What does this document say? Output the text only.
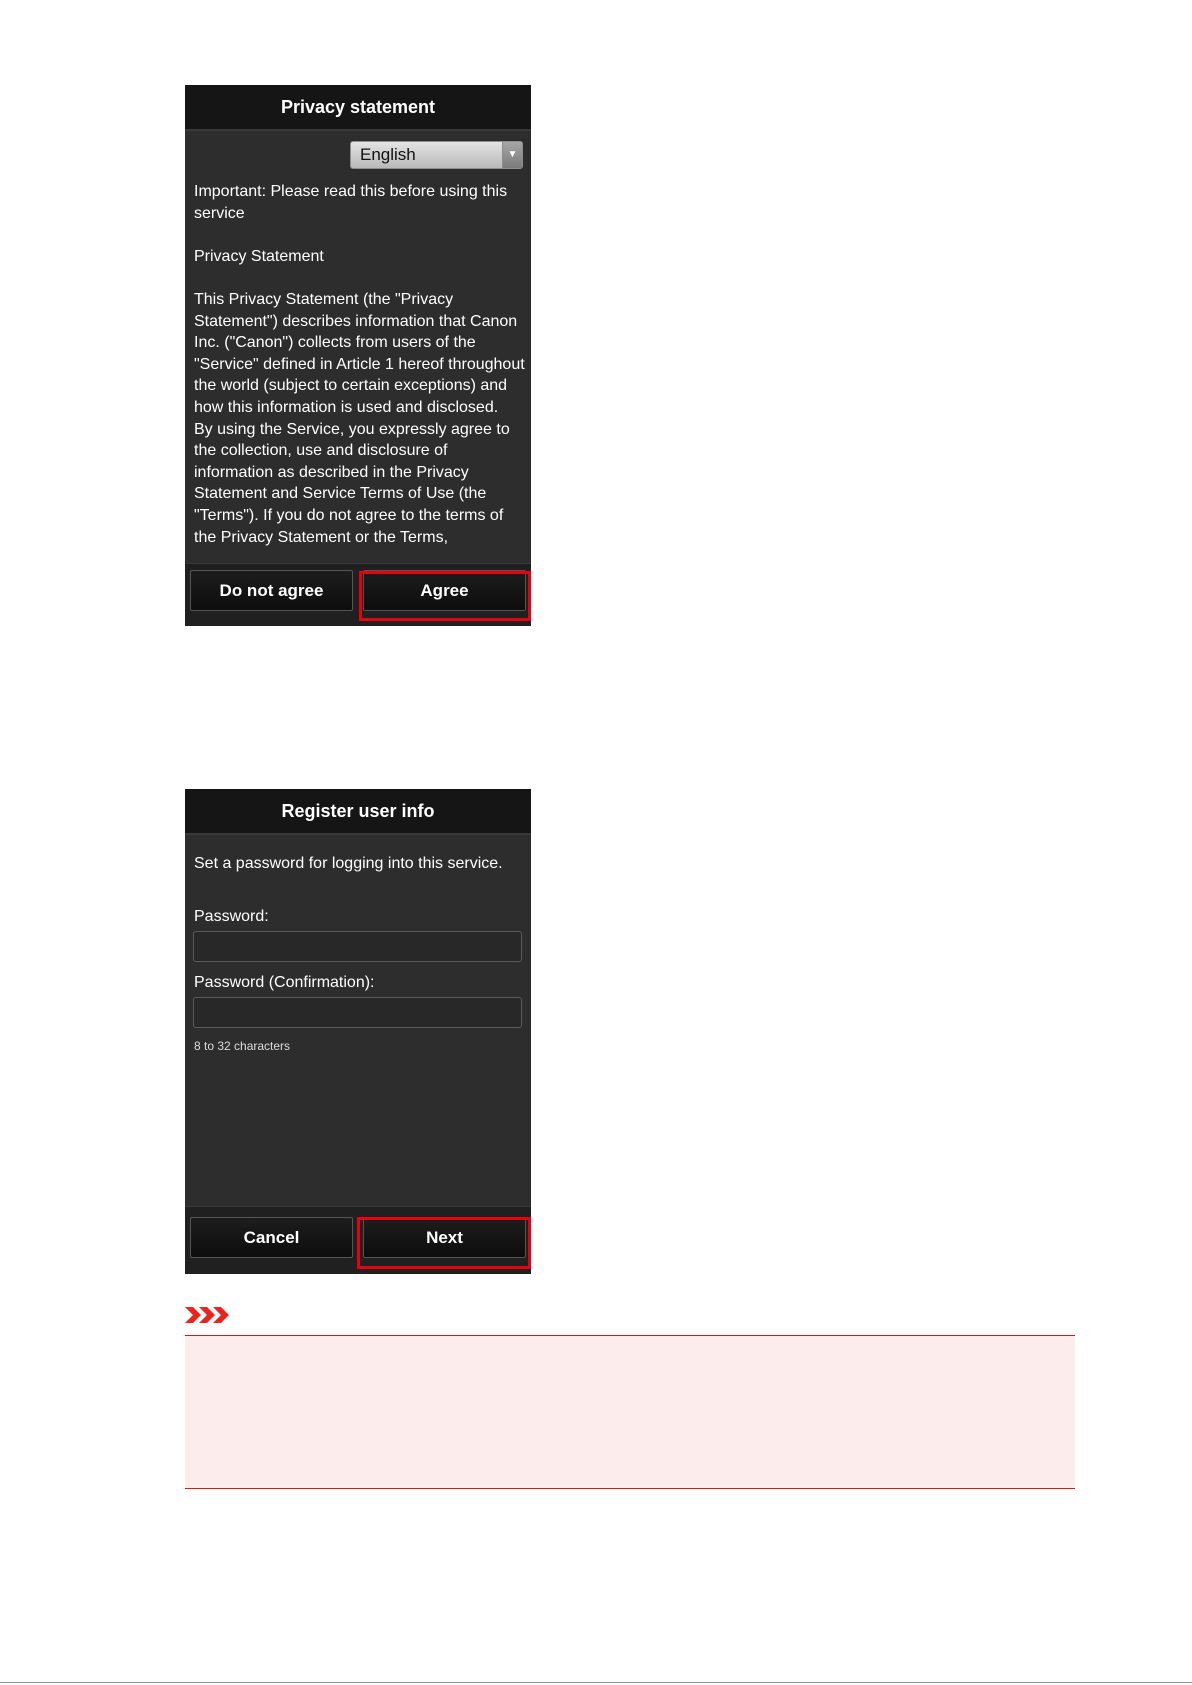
Privacy statement
English	▼

Important: Please read this before using this service

Privacy Statement

This Privacy Statement (the "Privacy Statement") describes information that Canon Inc. ("Canon") collects from users of the "Service" defined in Article 1 hereof throughout the world (subject to certain exceptions) and how this information is used and disclosed.

By using the Service, you expressly agree to the collection, use and disclosure of information as described in the Privacy Statement and Service Terms of Use (the "Terms"). If you do not agree to the terms of the Privacy Statement or the Terms,

Do not agree	Agree
Register user info
Set a password for logging into this service.
Password:
Password (Confirmation):
8 to 32 characters
Cancel	Next
